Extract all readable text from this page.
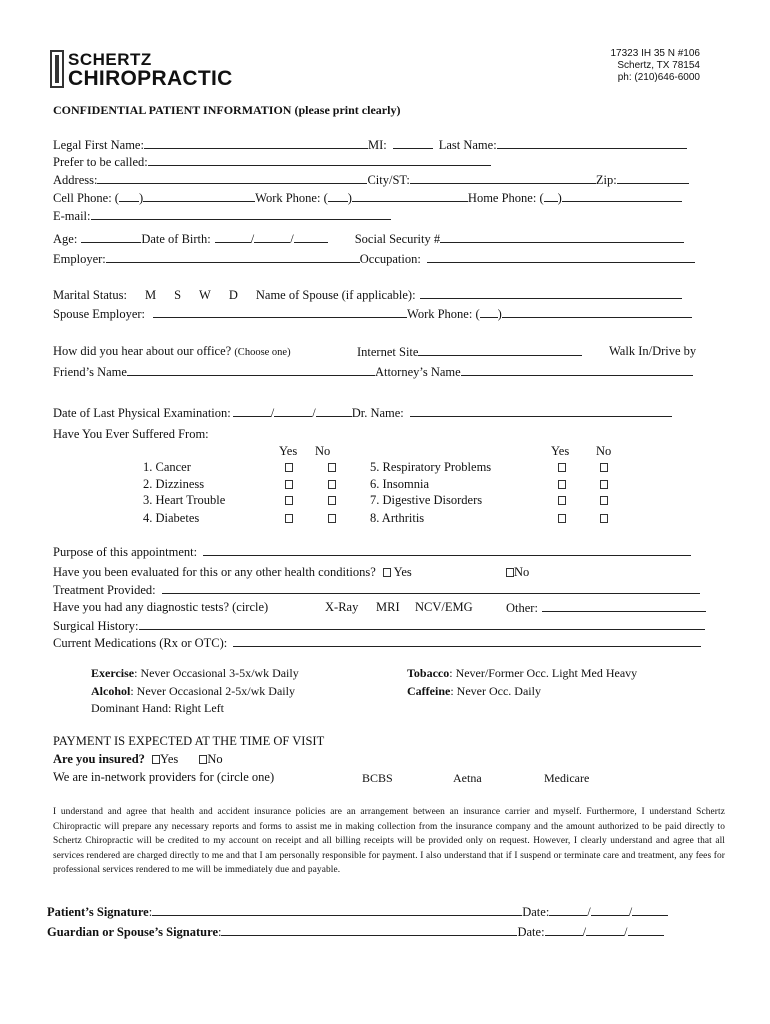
SCHERTZ
CHIROPRACTIC
17323 IH 35 N #106
Schertz, TX 78154
ph: (210)646-6000
CONFIDENTIAL PATIENT INFORMATION (please print clearly)
Legal First Name:	MI:	Last Name:
Prefer to be called:
Address:	City/ST:	Zip:
Cell Phone: ( )	Work Phone: ( )	Home Phone: ( )
E-mail:
Age:	Date of Birth:	/	/	Social Security #
Employer:	Occupation:
Marital Status: M S W D Name of Spouse (if applicable):
Spouse Employer:	Work Phone: ( )
How did you hear about our office? (Choose one)	Internet Site	Walk In/Drive by
Friend’s Name	Attorney’s Name
Date of Last Physical Examination:	/	/	Dr. Name:
Have You Ever Suffered From:
Yes No	Yes No
1. Cancer	5. Respiratory Problems
2. Dizziness	6. Insomnia
3. Heart Trouble	7. Digestive Disorders
4. Diabetes	8. Arthritis
Purpose of this appointment:
Have you been evaluated for this or any other health conditions? Yes	No
Treatment Provided:
Have you had any diagnostic tests? (circle)	X-Ray MRI NCV/EMG	Other:
Surgical History:
Current Medications (Rx or OTC):
Exercise: Never Occasional 3-5x/wk Daily
Alcohol: Never Occasional 2-5x/wk Daily
Dominant Hand: Right Left
Tobacco: Never/Former Occ. Light Med Heavy
Caffeine: Never Occ. Daily
PAYMENT IS EXPECTED AT THE TIME OF VISIT
Are you insured? Yes No
We are in-network providers for (circle one)	BCBS	Aetna	Medicare
I understand and agree that health and accident insurance policies are an arrangement between an insurance carrier and myself. Furthermore, I understand Schertz Chiropractic will prepare any necessary reports and forms to assist me in making collection from the insurance company and the amount authorized to be paid directly to Schertz Chiropractic will be credited to my account on receipt and all billing receipts will be provided only on request. However, I clearly understand and agree that all services rendered are charged directly to me and that I am personally responsible for payment. I also understand that if I suspend or terminate care and treatment, any fees for professional services rendered to me will be immediately due and payable.
Patient’s Signature:	Date:	/	/
Guardian or Spouse’s Signature:	Date:	/	/
